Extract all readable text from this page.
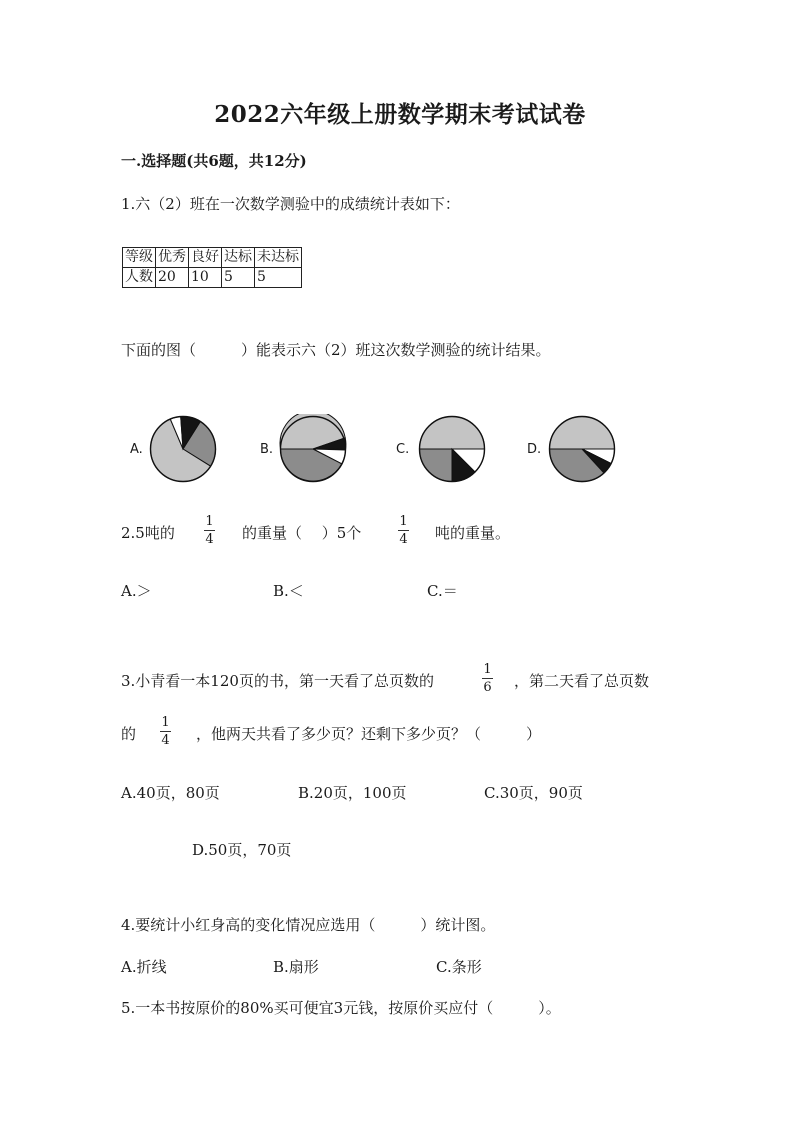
2022六年级上册数学期末考试试卷
一.选择题(共6题，共12分)
1.六（2）班在一次数学测验中的成绩统计表如下：
等级	优秀	良好	达标	未达标
人数	20	10	5	5
下面的图（　　　）能表示六（2）班这次数学测验的统计结果。
A.	B.	C.	D.
2.5吨的
1
4 的重量（　 ）5个
1
4 吨的重量。
A.＞	B.＜	C.＝
3.小青看一本120页的书，第一天看了总页数的
1
6 ，第二天看了总页数
的
1
4 ，他两天共看了多少页？还剩下多少页？（　　　）
A.40页，80页	B.20页，100页	C.30页，90页
D.50页，70页
4.要统计小红身高的变化情况应选用（　　　）统计图。
A.折线	B.扇形	C.条形
5.一本书按原价的80%买可便宜3元钱，按原价买应付（　　　）。
